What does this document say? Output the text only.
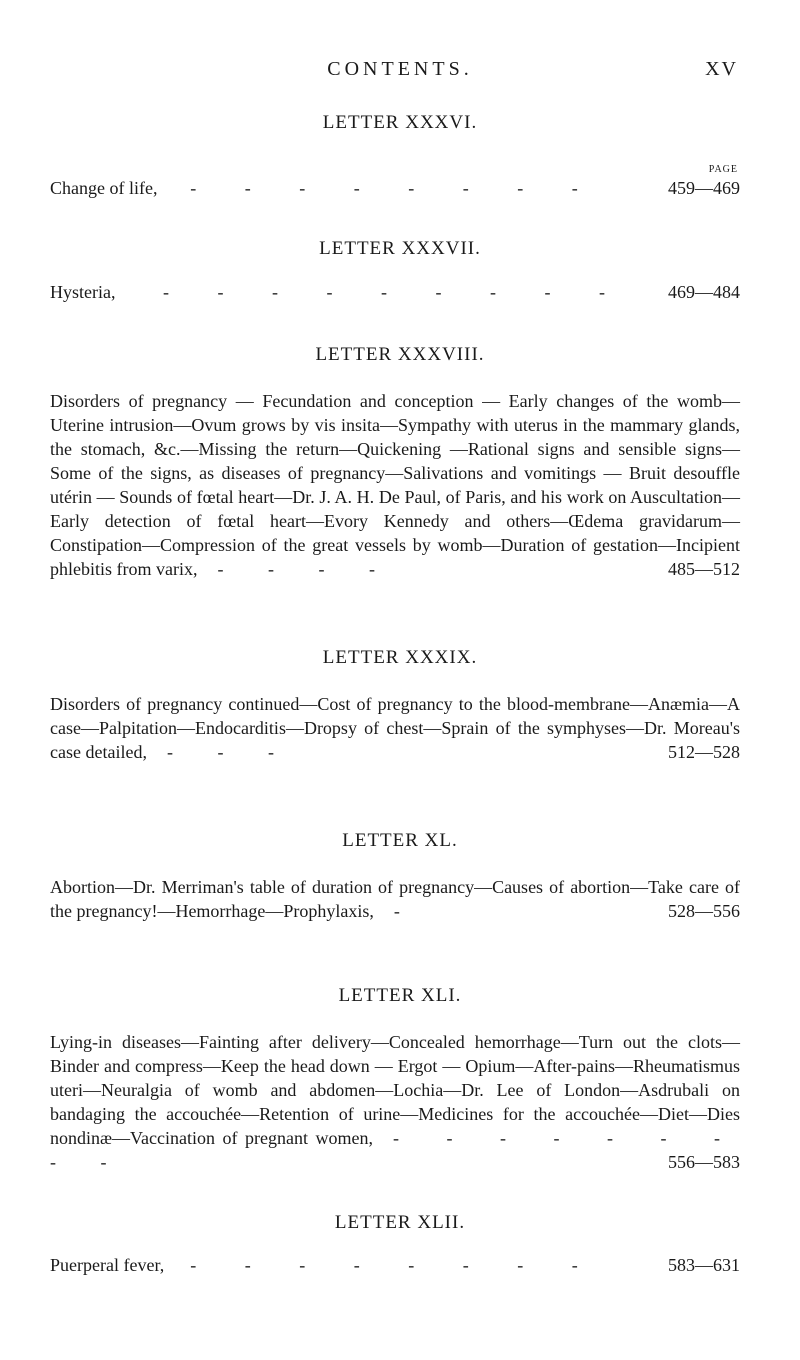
CONTENTS.	XV
LETTER XXXVI.
PAGE
Change of life,	- - - - - - - -	459—469
LETTER XXXVII.
Hysteria,	- - - - - - - - -	469—484
LETTER XXXVIII.
Disorders of pregnancy — Fecundation and conception — Early changes of the womb—Uterine intrusion—Ovum grows by vis insita—Sympathy with uterus in the mammary glands, the stomach, &c.—Missing the return—Quickening —Rational signs and sensible signs—Some of the signs, as diseases of pregnancy—Salivations and vomitings — Bruit desouffle utérin — Sounds of fœtal heart—Dr. J. A. H. De Paul, of Paris, and his work on Auscultation—Early detection of fœtal heart—Evory Kennedy and others—Œdema gravidarum—Constipation—Compression of the great vessels by womb—Duration of gestation—Incipient phlebitis from varix, - - - -	485—512
LETTER XXXIX.
Disorders of pregnancy continued—Cost of pregnancy to the blood-membrane—Anæmia—A case—Palpitation—Endocarditis—Dropsy of chest—Sprain of the symphyses—Dr. Moreau's case detailed, - - -	512—528
LETTER XL.
Abortion—Dr. Merriman's table of duration of pregnancy—Causes of abortion—Take care of the pregnancy!—Hemorrhage—Prophylaxis, -	528—556
LETTER XLI.
Lying-in diseases—Fainting after delivery—Concealed hemorrhage—Turn out the clots—Binder and compress—Keep the head down — Ergot — Opium—After-pains—Rheumatismus uteri—Neuralgia of womb and abdomen—Lochia—Dr. Lee of London—Asdrubali on bandaging the accouchée—Retention of urine—Medicines for the accouchée—Diet—Dies nondinæ—Vaccination of pregnant women, - - - - - - - - -	556—583
LETTER XLII.
Puerperal fever,	- - - - - - - -	583—631
